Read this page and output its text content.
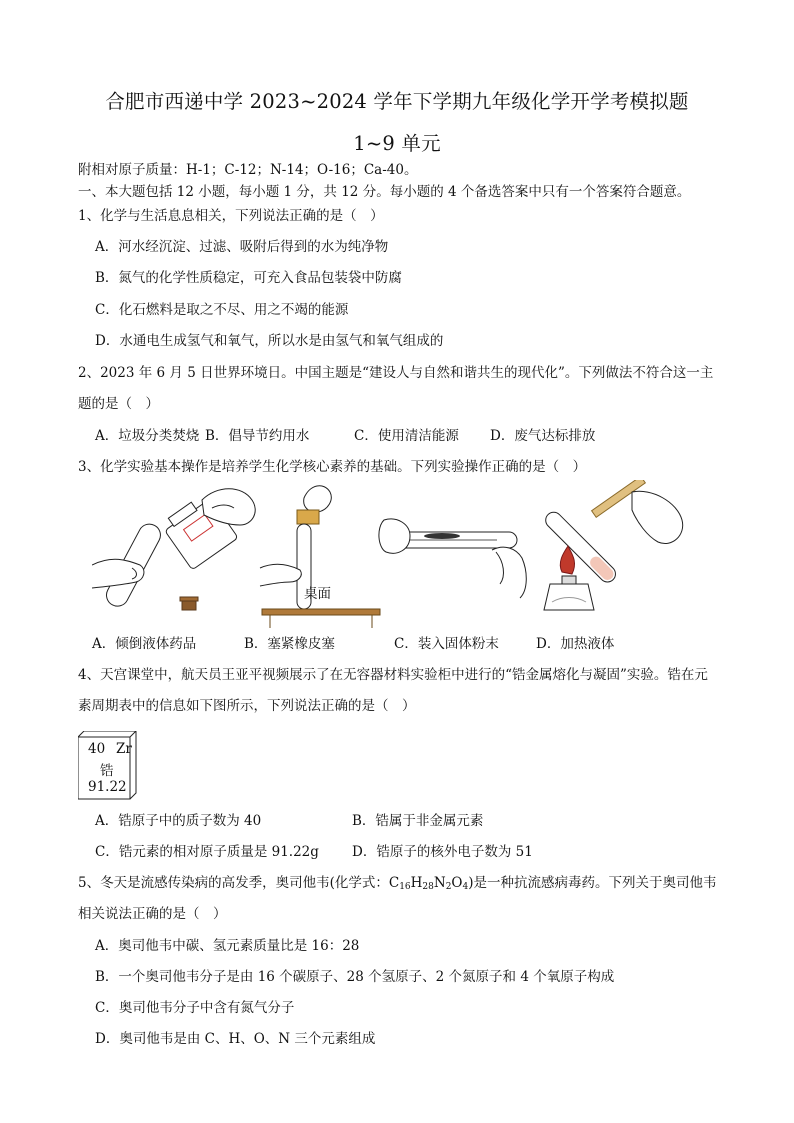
合肥市西递中学 2023~2024 学年下学期九年级化学开学考模拟题
1~9 单元
附相对原子质量：H-1；C-12；N-14；O-16；Ca-40。
一、本大题包括 12 小题，每小题 1 分，共 12 分。每小题的 4 个备选答案中只有一个答案符合题意。
1、化学与生活息息相关，下列说法正确的是（　）
A．河水经沉淀、过滤、吸附后得到的水为纯净物
B．氮气的化学性质稳定，可充入食品包装袋中防腐
C．化石燃料是取之不尽、用之不竭的能源
D．水通电生成氢气和氧气，所以水是由氢气和氧气组成的
2、2023 年 6 月 5 日世界环境日。中国主题是“建设人与自然和谐共生的现代化”。下列做法不符合这一主
题的是（　）
A．垃圾分类焚烧 B．倡导节约用水	C．使用清洁能源 D．废气达标排放
3、化学实验基本操作是培养学生化学核心素养的基础。下列实验操作正确的是（　）
桌面
A．倾倒液体药品	B．塞紧橡皮塞	C．装入固体粉末	D．加热液体
4、天宫课堂中，航天员王亚平视频展示了在无容器材料实验柜中进行的“锆金属熔化与凝固”实验。锆在元
素周期表中的信息如下图所示，下列说法正确的是（　）
40 Zr
锆
91.22
A．锆原子中的质子数为 40	B．锆属于非金属元素
C．锆元素的相对原子质量是 91.22g D．锆原子的核外电子数为 51
5、冬天是流感传染病的高发季，奥司他韦(化学式：$C_{16}H_{28}N_2O_4$)是一种抗流感病毒药。下列关于奥司他韦
相关说法正确的是（　）
A．奥司他韦中碳、氢元素质量比是 16：28
B．一个奥司他韦分子是由 16 个碳原子、28 个氢原子、2 个氮原子和 4 个氧原子构成
C．奥司他韦分子中含有氮气分子
D．奥司他韦是由 C、H、O、N 三个元素组成
